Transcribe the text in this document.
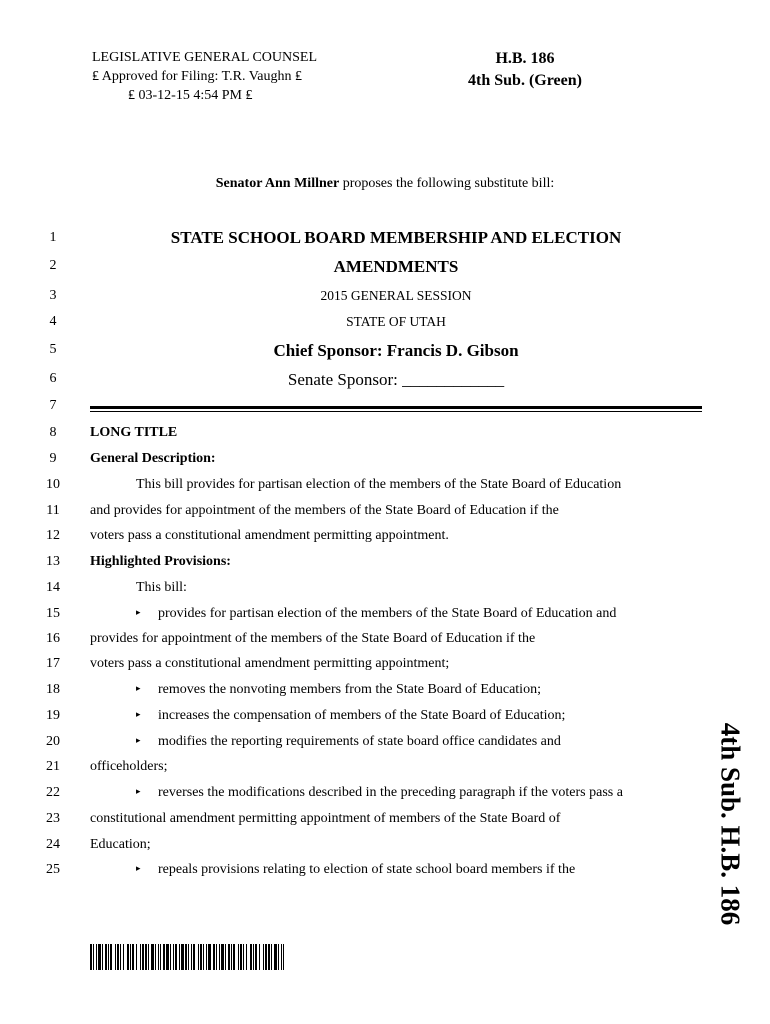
LEGISLATIVE GENERAL COUNSEL
₤ Approved for Filing: T.R. Vaughn ₤
₤ 03-12-15 4:54 PM ₤
H.B. 186
4th Sub. (Green)
Senator Ann Millner proposes the following substitute bill:
1
2
3
4
5
6
7
8
9
10
11
12
13
14
15
16
17
18
19
20
21
22
23
24
25
STATE SCHOOL BOARD MEMBERSHIP AND ELECTION
AMENDMENTS
2015 GENERAL SESSION
STATE OF UTAH
Chief Sponsor: Francis D. Gibson
Senate Sponsor: ____________
LONG TITLE
General Description:
This bill provides for partisan election of the members of the State Board of Education
and provides for appointment of the members of the State Board of Education if the
voters pass a constitutional amendment permitting appointment.
Highlighted Provisions:
This bill:
▸ provides for partisan election of the members of the State Board of Education and
provides for appointment of the members of the State Board of Education if the
voters pass a constitutional amendment permitting appointment;
▸ removes the nonvoting members from the State Board of Education;
▸ increases the compensation of members of the State Board of Education;
▸ modifies the reporting requirements of state board office candidates and
officeholders;
▸ reverses the modifications described in the preceding paragraph if the voters pass a
constitutional amendment permitting appointment of members of the State Board of
Education;
▸ repeals provisions relating to election of state school board members if the	4th Sub. H.B. 186
